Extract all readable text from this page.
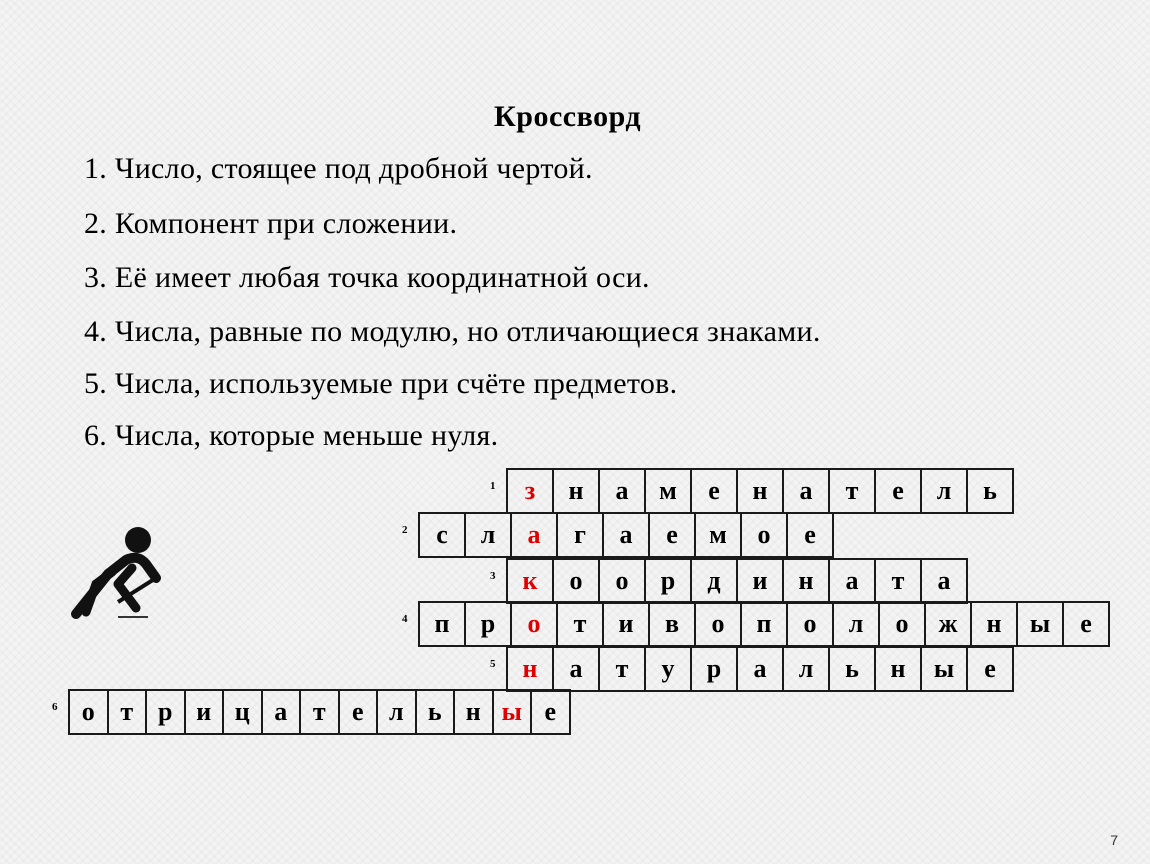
Кроссворд
1. Число, стоящее под дробной чертой.
2. Компонент при сложении.
3. Её имеет любая точка координатной оси.
4. Числа, равные по модулю, но отличающиеся знаками.
5. Числа, используемые при счёте предметов.
6. Числа, которые меньше нуля.
1	з	н	а	м	е	н	а	т	е	л	ь
2	с	л	а	г	а	е	м	о	е
3	к	о	о	р	д	и	н	а	т	а
4	п	р	о	т	и	в	о	п	о	л	о	ж	н	ы	е
5	н	а	т	у	р	а	л	ь	н	ы	е
6 о т р и ц а т	е л ь н ы е
7
